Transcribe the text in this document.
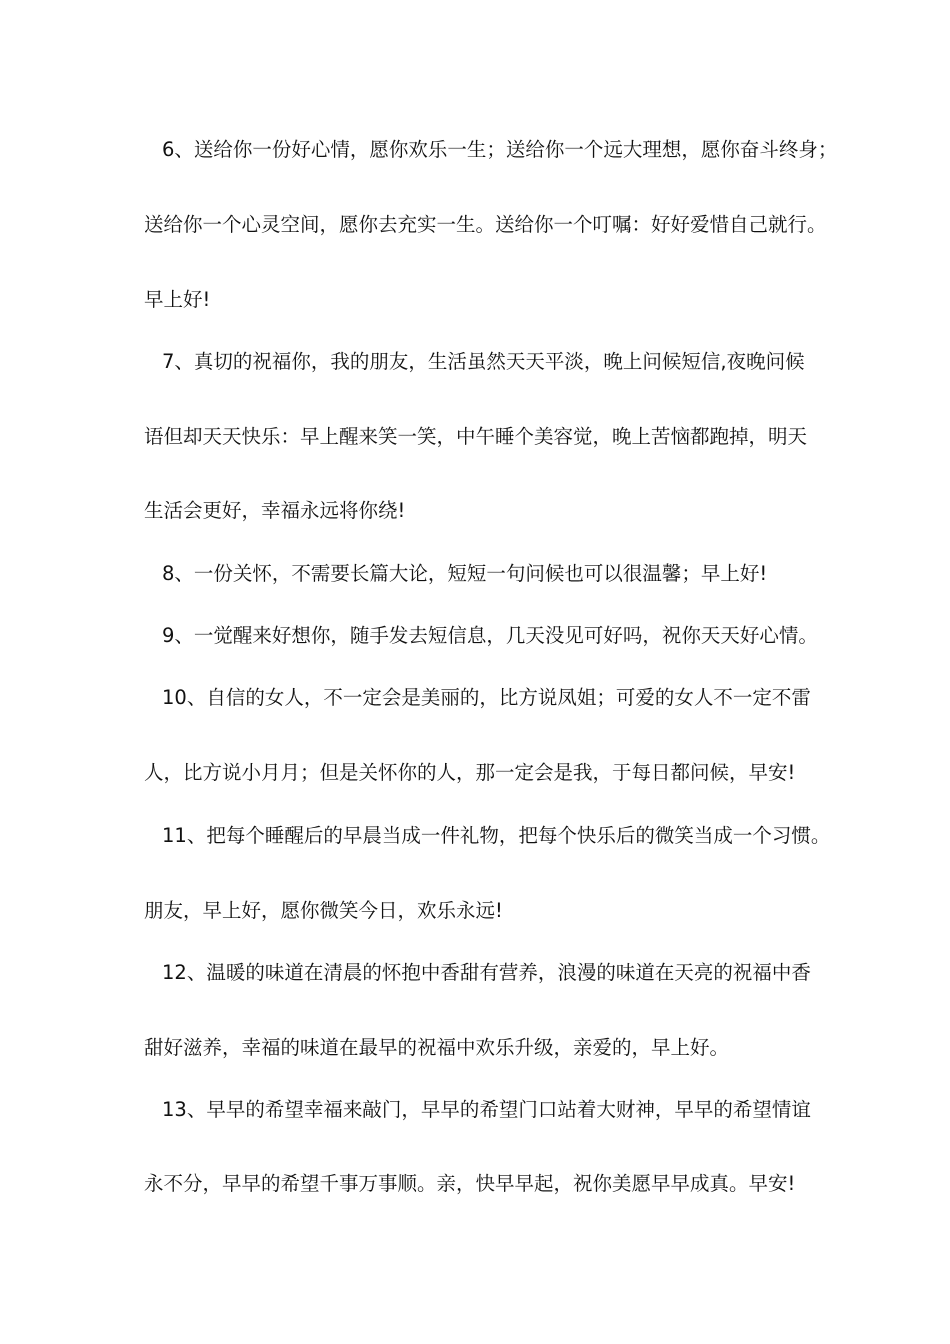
6、送给你一份好心情，愿你欢乐一生；送给你一个远大理想，愿你奋斗终身；
送给你一个心灵空间，愿你去充实一生。送给你一个叮嘱：好好爱惜自己就行。
早上好!
7、真切的祝福你，我的朋友，生活虽然天天平淡，晚上问候短信,夜晚问候
语但却天天快乐：早上醒来笑一笑，中午睡个美容觉，晚上苦恼都跑掉，明天
生活会更好，幸福永远将你绕!
8、一份关怀，不需要长篇大论，短短一句问候也可以很温馨；早上好!
9、一觉醒来好想你，随手发去短信息，几天没见可好吗，祝你天天好心情。
10、自信的女人，不一定会是美丽的，比方说凤姐；可爱的女人不一定不雷
人，比方说小月月；但是关怀你的人，那一定会是我，于每日都问候，早安!
11、把每个睡醒后的早晨当成一件礼物，把每个快乐后的微笑当成一个习惯。
朋友，早上好，愿你微笑今日，欢乐永远!
12、温暖的味道在清晨的怀抱中香甜有营养，浪漫的味道在天亮的祝福中香
甜好滋养，幸福的味道在最早的祝福中欢乐升级，亲爱的，早上好。
13、早早的希望幸福来敲门，早早的希望门口站着大财神，早早的希望情谊
永不分，早早的希望千事万事顺。亲，快早早起，祝你美愿早早成真。早安!
